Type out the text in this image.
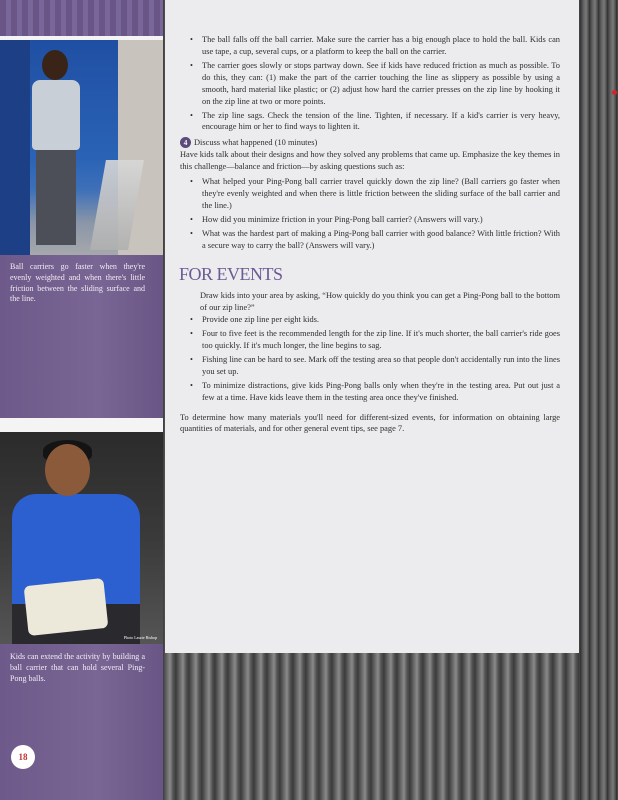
Ball carriers go faster when they're evenly weighted and when there's little friction between the sliding surface and the line.
Photo Laurie Bishop
Kids can extend the activity by building a ball carrier that can hold several Ping-Pong balls.
18
• The ball falls off the ball carrier. Make sure the carrier has a big enough place to hold the ball. Kids can use tape, a cup, several cups, or a platform to keep the ball on the carrier.
• The carrier goes slowly or stops partway down. See if kids have reduced friction as much as possible. To do this, they can: (1) make the part of the carrier touching the line as slippery as possible by using a smooth, hard material like plastic; or (2) adjust how hard the carrier presses on the zip line by hooking it on the zip line at two or more points.
• The zip line sags. Check the tension of the line. Tighten, if necessary. If a kid's carrier is very heavy, encourage him or her to find ways to lighten it.
4 Discuss what happened (10 minutes)
Have kids talk about their designs and how they solved any problems that came up. Emphasize the key themes in this challenge—balance and friction—by asking questions such as:
• What helped your Ping-Pong ball carrier travel quickly down the zip line? (Ball carriers go faster when they're evenly weighted and when there is little friction between the sliding surface of the ball carrier and the line.)
• How did you minimize friction in your Ping-Pong ball carrier? (Answers will vary.)
• What was the hardest part of making a Ping-Pong ball carrier with good balance? With little friction? With a secure way to carry the ball? (Answers will vary.)
FOR EVENTS
Draw kids into your area by asking, “How quickly do you think you can get a Ping-Pong ball to the bottom of our zip line?”
• Provide one zip line per eight kids.
• Four to five feet is the recommended length for the zip line. If it's much shorter, the ball carrier's ride goes too quickly. If it's much longer, the line begins to sag.
• Fishing line can be hard to see. Mark off the testing area so that people don't accidentally run into the lines you set up.
• To minimize distractions, give kids Ping-Pong balls only when they're in the testing area. Put out just a few at a time. Have kids leave them in the testing area once they've finished.
To determine how many materials you'll need for different-sized events, for information on obtaining large quantities of materials, and for other general event tips, see page 7.
